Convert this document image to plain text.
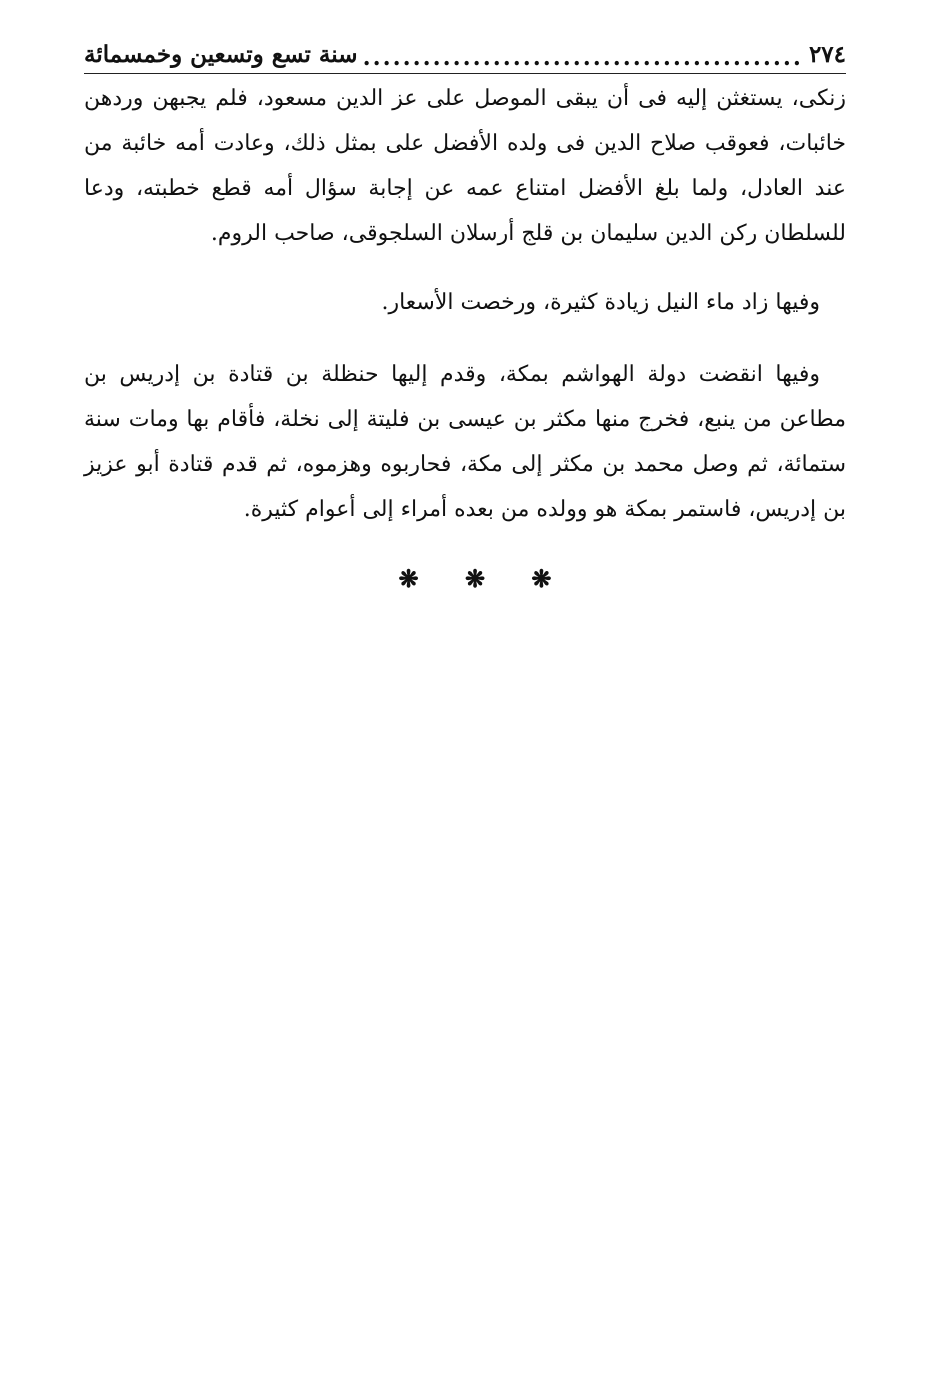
٢٧٤
.....
سنة تسع وتسعين وخمسمائة

زنكى، يستغثن إليه فى أن يبقى الموصل على عز الدين مسعود، فلم يجبهن وردهن خائبات، فعوقب صلاح الدين فى ولده الأفضل على بمثل ذلك، وعادت أمه خائبة من عند العادل، ولما بلغ الأفضل امتناع عمه عن إجابة سؤال أمه قطع خطبته، ودعا للسلطان ركن الدين سليمان بن قلج أرسلان السلجوقى، صاحب الروم.

وفيها زاد ماء النيل زيادة كثيرة، ورخصت الأسعار.

وفيها انقضت دولة الهواشم بمكة، وقدم إليها حنظلة بن قتادة بن إدريس بن مطاعن من ينبع، فخرج منها مكثر بن عيسى بن فليتة إلى نخلة، فأقام بها ومات سنة ستمائة، ثم وصل محمد بن مكثر إلى مكة، فحاربوه وهزموه، ثم قدم قتادة أبو عزيز بن إدريس، فاستمر بمكة هو وولده من بعده أمراء إلى أعوام كثيرة.

❋ ❋ ❋
